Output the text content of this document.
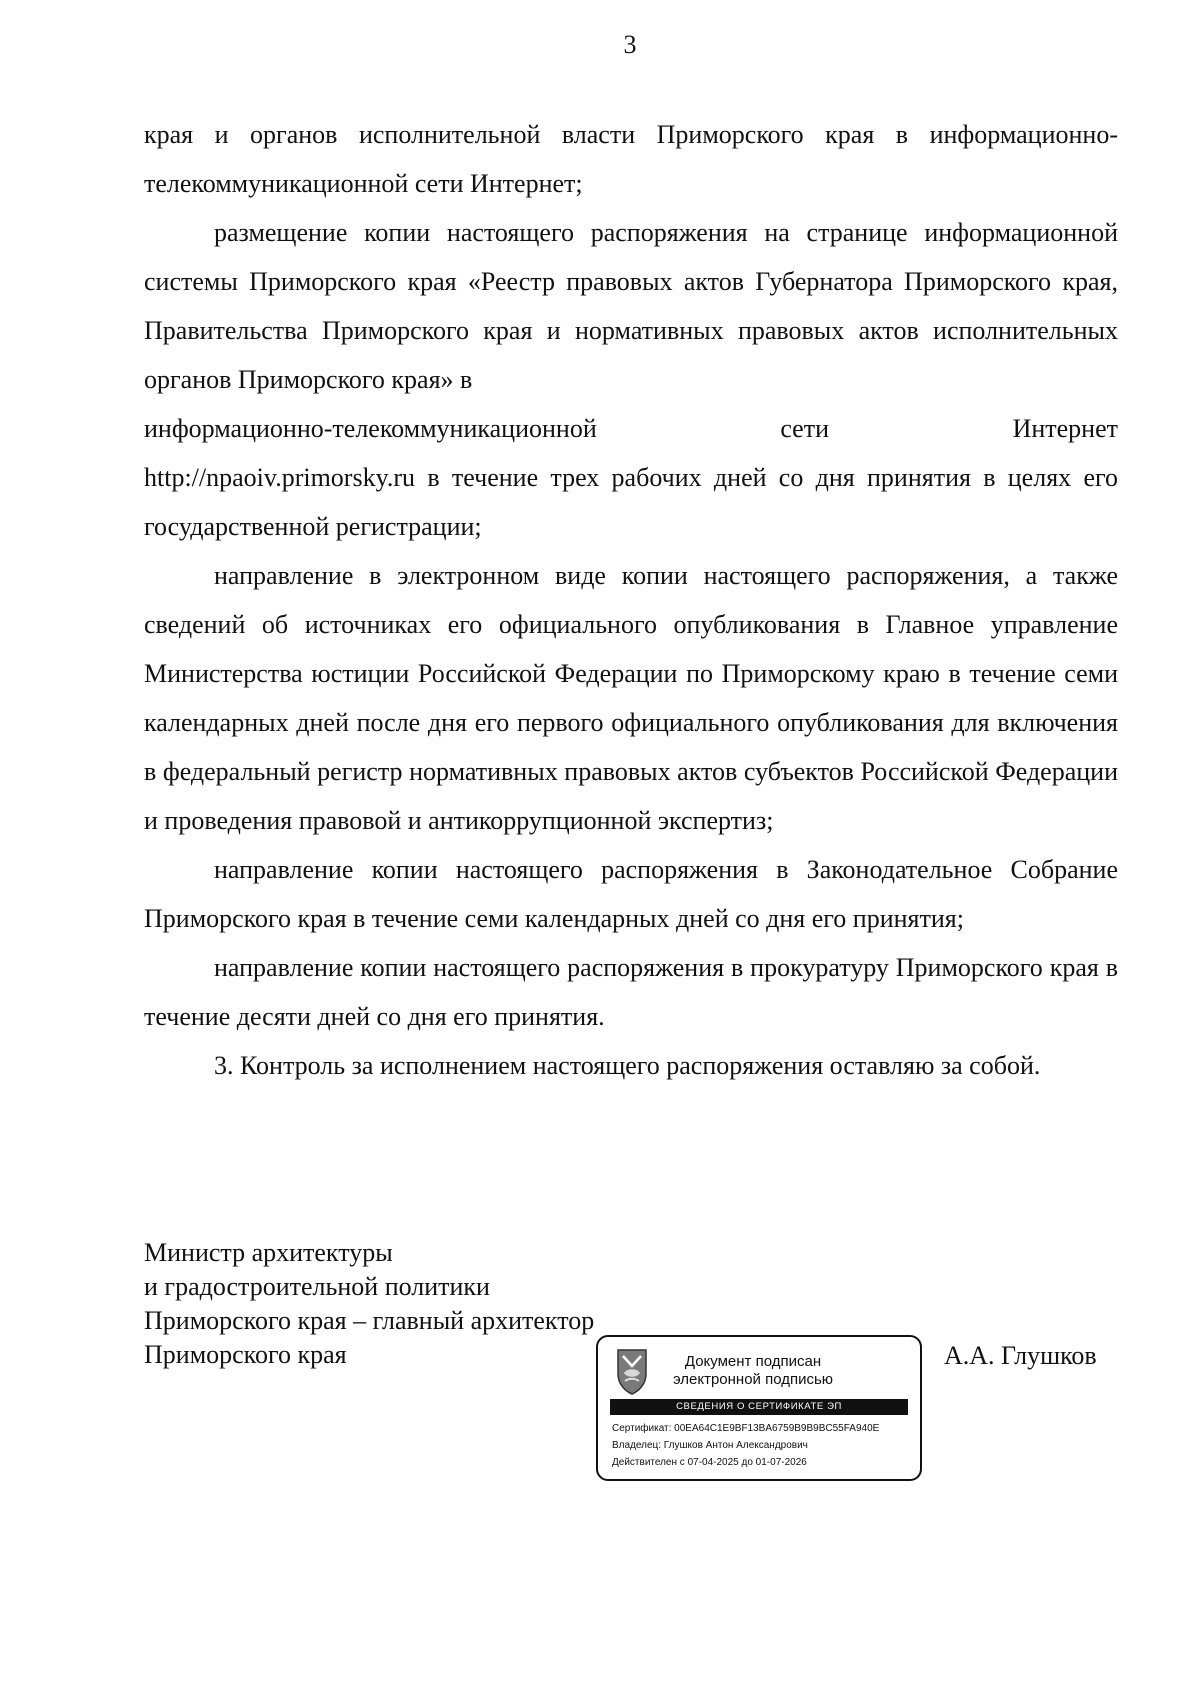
3

края и органов исполнительной власти Приморского края в информационно-телекоммуникационной сети Интернет;

размещение копии настоящего распоряжения на странице информационной системы Приморского края «Реестр правовых актов Губернатора Приморского края, Правительства Приморского края и нормативных правовых актов исполнительных органов Приморского края» в

информационно-телекоммуникационной сети Интернет

http://npaoiv.primorsky.ru в течение трех рабочих дней со дня принятия в целях его государственной регистрации;

направление в электронном виде копии настоящего распоряжения, а также сведений об источниках его официального опубликования в Главное управление Министерства юстиции Российской Федерации по Приморскому краю в течение семи календарных дней после дня его первого официального опубликования для включения в федеральный регистр нормативных правовых актов субъектов Российской Федерации и проведения правовой и антикоррупционной экспертиз;

направление копии настоящего распоряжения в Законодательное Собрание Приморского края в течение семи календарных дней со дня его принятия;

направление копии настоящего распоряжения в прокуратуру Приморского края в течение десяти дней со дня его принятия.

3. Контроль за исполнением настоящего распоряжения оставляю за собой.

Министр архитектуры
и градостроительной политики
Приморского края – главный архитектор
Приморского края	Документ подписан
электронной подписью
СВЕДЕНИЯ О СЕРТИФИКАТЕ ЭП
Сертификат: 00EA64C1E9BF13BA6759B9B9BC55FA940E
Владелец: Глушков Антон Александрович
Действителен с 07-04-2025 до 01-07-2026
А.А. Глушков
